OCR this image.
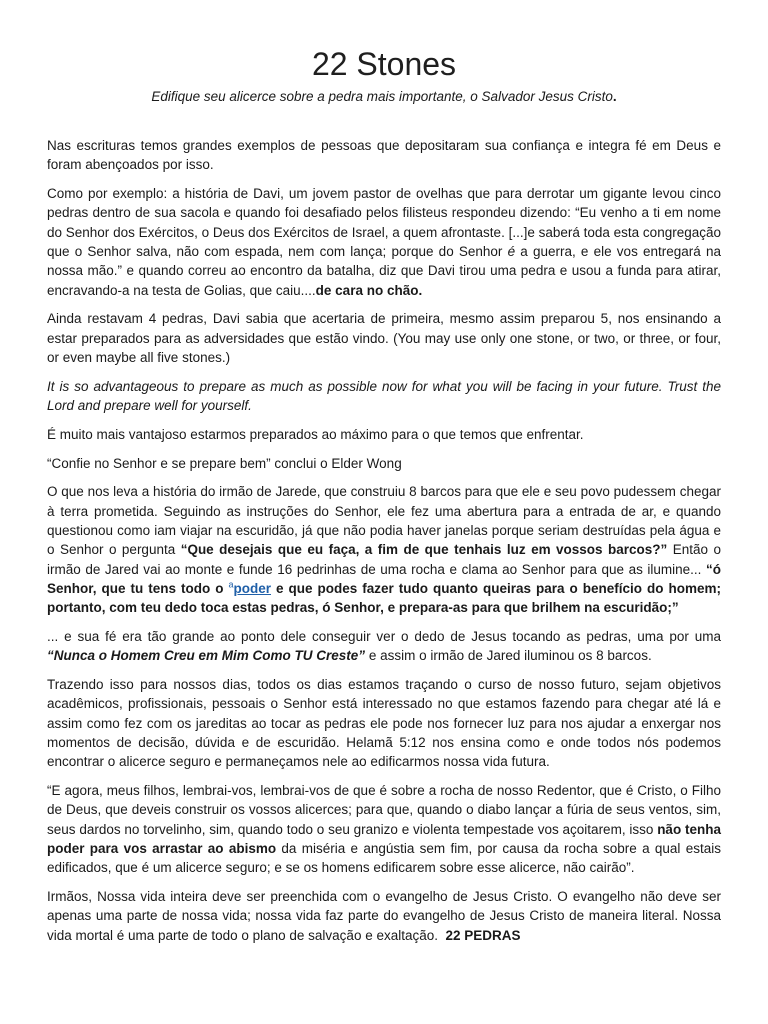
22 Stones
Edifique seu alicerce sobre a pedra mais importante, o Salvador Jesus Cristo.

Nas escrituras temos grandes exemplos de pessoas que depositaram sua confiança e integra fé em Deus e foram abençoados por isso.

Como por exemplo: a história de Davi, um jovem pastor de ovelhas que para derrotar um gigante levou cinco pedras dentro de sua sacola e quando foi desafiado pelos filisteus respondeu dizendo: “Eu venho a ti em nome do Senhor dos Exércitos, o Deus dos Exércitos de Israel, a quem afrontaste. [...]e saberá toda esta congregação que o Senhor salva, não com espada, nem com lança; porque do Senhor é a guerra, e ele vos entregará na nossa mão.” e quando correu ao encontro da batalha, diz que Davi tirou uma pedra e usou a funda para atirar, encravando-a na testa de Golias, que caiu....de cara no chão.

Ainda restavam 4 pedras, Davi sabia que acertaria de primeira, mesmo assim preparou 5, nos ensinando a estar preparados para as adversidades que estão vindo. (You may use only one stone, or two, or three, or four, or even maybe all five stones.)

It is so advantageous to prepare as much as possible now for what you will be facing in your future. Trust the Lord and prepare well for yourself.

É muito mais vantajoso estarmos preparados ao máximo para o que temos que enfrentar.

“Confie no Senhor e se prepare bem” conclui o Elder Wong

O que nos leva a história do irmão de Jarede, que construiu 8 barcos para que ele e seu povo pudessem chegar à terra prometida. Seguindo as instruções do Senhor, ele fez uma abertura para a entrada de ar, e quando questionou como iam viajar na escuridão, já que não podia haver janelas porque seriam destruídas pela água e o Senhor o pergunta “Que desejais que eu faça, a fim de que tenhais luz em vossos barcos?” Então o irmão de Jared vai ao monte e funde 16 pedrinhas de uma rocha e clama ao Senhor para que as ilumine... “ó Senhor, que tu tens todo o $^a$poder e que podes fazer tudo quanto queiras para o benefício do homem; portanto, com teu dedo toca estas pedras, ó Senhor, e prepara-as para que brilhem na escuridão;”

... e sua fé era tão grande ao ponto dele conseguir ver o dedo de Jesus tocando as pedras, uma por uma “Nunca o Homem Creu em Mim Como TU Creste” e assim o irmão de Jared iluminou os 8 barcos.

Trazendo isso para nossos dias, todos os dias estamos traçando o curso de nosso futuro, sejam objetivos acadêmicos, profissionais, pessoais o Senhor está interessado no que estamos fazendo para chegar até lá e assim como fez com os jareditas ao tocar as pedras ele pode nos fornecer luz para nos ajudar a enxergar nos momentos de decisão, dúvida e de escuridão. Helamã 5:12 nos ensina como e onde todos nós podemos encontrar o alicerce seguro e permaneçamos nele ao edificarmos nossa vida futura.

“E agora, meus filhos, lembrai-vos, lembrai-vos de que é sobre a rocha de nosso Redentor, que é Cristo, o Filho de Deus, que deveis construir os vossos alicerces; para que, quando o diabo lançar a fúria de seus ventos, sim, seus dardos no torvelinho, sim, quando todo o seu granizo e violenta tempestade vos açoitarem, isso não tenha poder para vos arrastar ao abismo da miséria e angústia sem fim, por causa da rocha sobre a qual estais edificados, que é um alicerce seguro; e se os homens edificarem sobre esse alicerce, não cairão”.

Irmãos, Nossa vida inteira deve ser preenchida com o evangelho de Jesus Cristo. O evangelho não deve ser apenas uma parte de nossa vida; nossa vida faz parte do evangelho de Jesus Cristo de maneira literal. Nossa vida mortal é uma parte de todo o plano de salvação e exaltação.  22 PEDRAS
